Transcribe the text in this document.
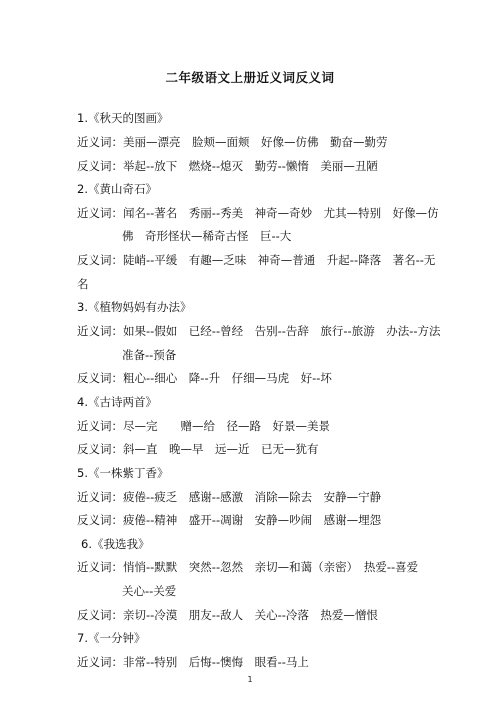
二年级语文上册近义词反义词
1.《秋天的图画》
近义词：美丽—漂亮　脸颊—面颊　好像—仿佛　勤奋—勤劳
反义词：举起--放下　燃烧--熄灭　勤劳--懒惰　美丽—丑陋
2.《黄山奇石》
近义词：闻名--著名　秀丽--秀美　神奇—奇妙　尤其—特别　好像—仿
佛　奇形怪状—稀奇古怪　巨--大
反义词：陡峭--平缓　有趣—乏味　神奇—普通　升起--降落　著名--无
名
3.《植物妈妈有办法》
近义词：如果--假如　已经--曾经　告别--告辞　旅行--旅游　办法--方法
准备--预备
反义词：粗心--细心　降--升　仔细—马虎　好--坏
4.《古诗两首》
近义词：尽—完　　赠—给　径—路　好景—美景
反义词：斜—直　晚—早　远—近　已无—犹有
5.《一株紫丁香》
近义词：疲倦--疲乏　感谢--感激　消除—除去　安静—宁静
反义词：疲倦--精神　盛开--凋谢　安静—吵闹　感谢—埋怨
6.《我选我》
近义词：悄悄--默默　突然--忽然　亲切—和蔼（亲密）　热爱--喜爱
关心--关爱
反义词：亲切--冷漠　朋友--敌人　关心--冷落　热爱—憎恨
7.《一分钟》
近义词：非常--特别　后悔--懊悔　眼看--马上
1
